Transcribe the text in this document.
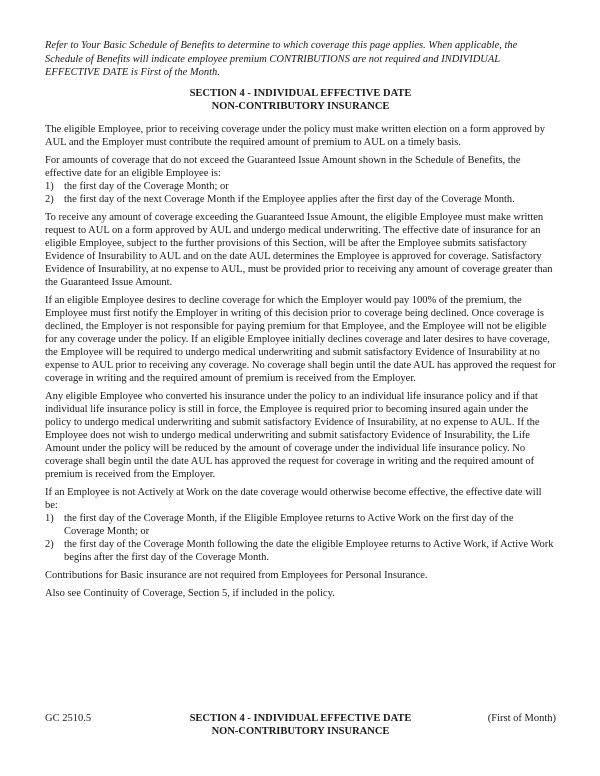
Refer to Your Basic Schedule of Benefits to determine to which coverage this page applies. When applicable, the Schedule of Benefits will indicate employee premium CONTRIBUTIONS are not required and INDIVIDUAL EFFECTIVE DATE is First of the Month.

SECTION 4 - INDIVIDUAL EFFECTIVE DATE
NON-CONTRIBUTORY INSURANCE

The eligible Employee, prior to receiving coverage under the policy must make written election on a form approved by AUL and the Employer must contribute the required amount of premium to AUL on a timely basis.

For amounts of coverage that do not exceed the Guaranteed Issue Amount shown in the Schedule of Benefits, the effective date for an eligible Employee is:

1) the first day of the Coverage Month; or
2) the first day of the next Coverage Month if the Employee applies after the first day of the Coverage Month.

To receive any amount of coverage exceeding the Guaranteed Issue Amount, the eligible Employee must make written request to AUL on a form approved by AUL and undergo medical underwriting. The effective date of insurance for an eligible Employee, subject to the further provisions of this Section, will be after the Employee submits satisfactory Evidence of Insurability to AUL and on the date AUL determines the Employee is approved for coverage. Satisfactory Evidence of Insurability, at no expense to AUL, must be provided prior to receiving any amount of coverage greater than the Guaranteed Issue Amount.

If an eligible Employee desires to decline coverage for which the Employer would pay 100% of the premium, the Employee must first notify the Employer in writing of this decision prior to coverage being declined. Once coverage is declined, the Employer is not responsible for paying premium for that Employee, and the Employee will not be eligible for any coverage under the policy. If an eligible Employee initially declines coverage and later desires to have coverage, the Employee will be required to undergo medical underwriting and submit satisfactory Evidence of Insurability at no expense to AUL prior to receiving any coverage. No coverage shall begin until the date AUL has approved the request for coverage in writing and the required amount of premium is received from the Employer.

Any eligible Employee who converted his insurance under the policy to an individual life insurance policy and if that individual life insurance policy is still in force, the Employee is required prior to becoming insured again under the policy to undergo medical underwriting and submit satisfactory Evidence of Insurability, at no expense to AUL. If the Employee does not wish to undergo medical underwriting and submit satisfactory Evidence of Insurability, the Life Amount under the policy will be reduced by the amount of coverage under the individual life insurance policy. No coverage shall begin until the date AUL has approved the request for coverage in writing and the required amount of premium is received from the Employer.

If an Employee is not Actively at Work on the date coverage would otherwise become effective, the effective date will be:

1) the first day of the Coverage Month, if the Eligible Employee returns to Active Work on the first day of the Coverage Month; or
2) the first day of the Coverage Month following the date the eligible Employee returns to Active Work, if Active Work begins after the first day of the Coverage Month.

Contributions for Basic insurance are not required from Employees for Personal Insurance.

Also see Continuity of Coverage, Section 5, if included in the policy.

GC 2510.5	SECTION 4 - INDIVIDUAL EFFECTIVE DATE
NON-CONTRIBUTORY INSURANCE
(First of Month)
